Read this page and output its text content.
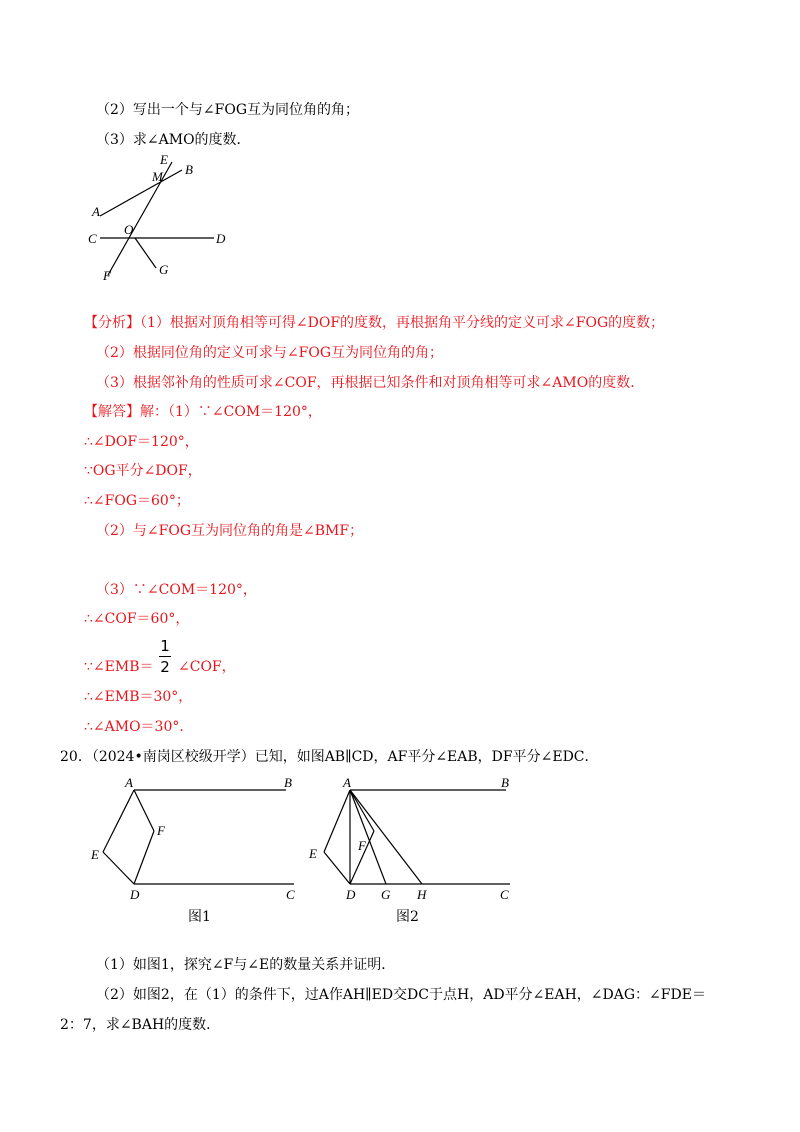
（2）写出一个与∠FOG互为同位角的角；
（3）求∠AMO的度数．
E
M B
A
C
O
D
F	G
【分析】（1）根据对顶角相等可得∠DOF的度数，再根据角平分线的定义可求∠FOG的度数；
（2）根据同位角的定义可求与∠FOG互为同位角的角；
（3）根据邻补角的性质可求∠COF，再根据已知条件和对顶角相等可求∠AMO的度数．
【解答】解：（1）∵∠COM＝120°，
∴∠DOF＝120°，
∵OG平分∠DOF，
∴∠FOG＝60°；
（2）与∠FOG互为同位角的角是∠BMF；
（3）∵∠COM＝120°，
∴∠COF＝60°，
∵∠EMB＝
1
2 ∠COF，
∴∠EMB＝30°，
∴∠AMO＝30°．
20．（2024•南岗区校级开学）已知，如图AB∥CD，AF平分∠EAB，DF平分∠EDC．
A	B
F
E
D	C
图1
A	B
F
E
D G H	C
图2
（1）如图1，探究∠F与∠E的数量关系并证明．
（2）如图2，在（1）的条件下，过A作AH∥ED交DC于点H，AD平分∠EAH，∠DAG：∠FDE＝
2：7，求∠BAH的度数．
